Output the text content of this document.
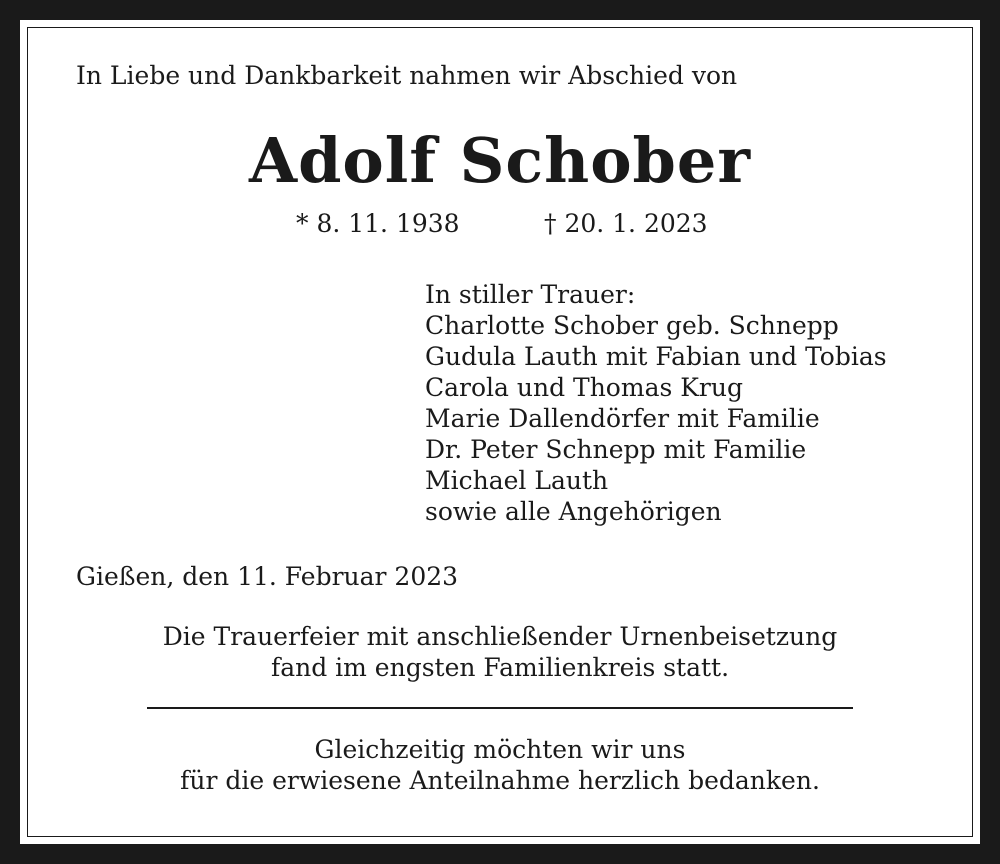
In Liebe und Dankbarkeit nahmen wir Abschied von
Adolf Schober
* 8. 11. 1938	† 20. 1. 2023
In stiller Trauer:
Charlotte Schober geb. Schnepp
Gudula Lauth mit Fabian und Tobias
Carola und Thomas Krug
Marie Dallendörfer mit Familie
Dr. Peter Schnepp mit Familie
Michael Lauth
sowie alle Angehörigen
Gießen, den 11. Februar 2023
Die Trauerfeier mit anschließender Urnenbeisetzung
fand im engsten Familienkreis statt.
Gleichzeitig möchten wir uns
für die erwiesene Anteilnahme herzlich bedanken.
